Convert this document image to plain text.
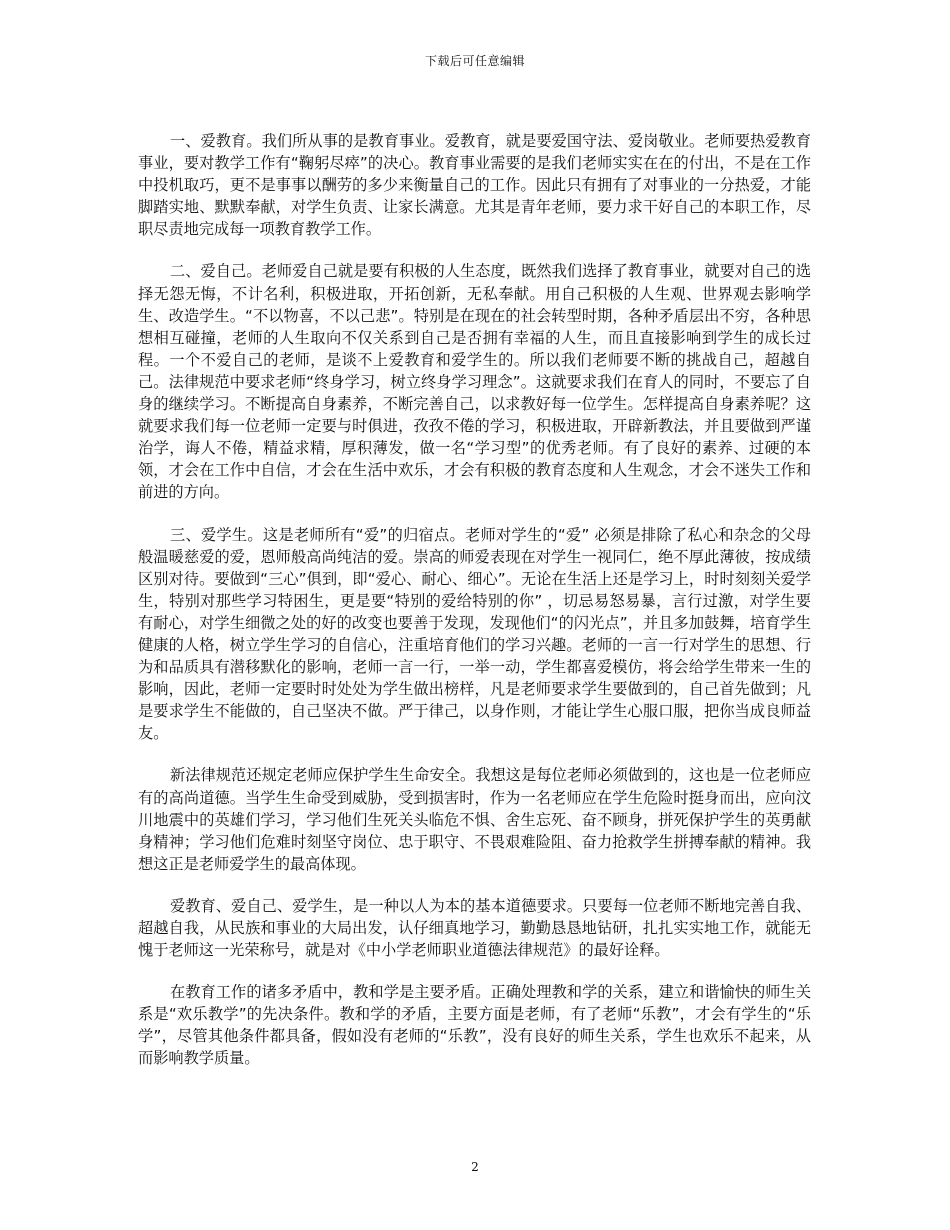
下载后可任意编辑

一、爱教育。我们所从事的是教育事业。爱教育，就是要爱国守法、爱岗敬业。老师要热爱教育事业，要对教学工作有“鞠躬尽瘁”的决心。教育事业需要的是我们老师实实在在的付出，不是在工作中投机取巧，更不是事事以酬劳的多少来衡量自己的工作。因此只有拥有了对事业的一分热爱，才能脚踏实地、默默奉献，对学生负责、让家长满意。尤其是青年老师，要力求干好自己的本职工作，尽职尽责地完成每一项教育教学工作。

二、爱自己。老师爱自己就是要有积极的人生态度，既然我们选择了教育事业，就要对自己的选择无怨无悔，不计名利，积极进取，开拓创新，无私奉献。用自己积极的人生观、世界观去影响学生、改造学生。“不以物喜，不以己悲”。特别是在现在的社会转型时期，各种矛盾层出不穷，各种思想相互碰撞，老师的人生取向不仅关系到自己是否拥有幸福的人生，而且直接影响到学生的成长过程。一个不爱自己的老师，是谈不上爱教育和爱学生的。所以我们老师要不断的挑战自己，超越自己。法律规范中要求老师“终身学习，树立终身学习理念”。这就要求我们在育人的同时，不要忘了自身的继续学习。不断提高自身素养，不断完善自己，以求教好每一位学生。怎样提高自身素养呢？这就要求我们每一位老师一定要与时俱进，孜孜不倦的学习，积极进取，开辟新教法，并且要做到严谨治学，诲人不倦，精益求精，厚积薄发，做一名“学习型”的优秀老师。有了良好的素养、过硬的本领，才会在工作中自信，才会在生活中欢乐，才会有积极的教育态度和人生观念，才会不迷失工作和前进的方向。

三、爱学生。这是老师所有“爱”的归宿点。老师对学生的“爱” 必须是排除了私心和杂念的父母般温暖慈爱的爱，恩师般高尚纯洁的爱。崇高的师爱表现在对学生一视同仁，绝不厚此薄彼，按成绩区别对待。要做到“三心”俱到，即“爱心、耐心、细心”。无论在生活上还是学习上，时时刻刻关爱学生，特别对那些学习特困生，更是要“特别的爱给特别的你” ，切忌易怒易暴，言行过激，对学生要有耐心，对学生细微之处的好的改变也要善于发现，发现他们“的闪光点”，并且多加鼓舞，培育学生健康的人格，树立学生学习的自信心，注重培育他们的学习兴趣。老师的一言一行对学生的思想、行为和品质具有潜移默化的影响，老师一言一行，一举一动，学生都喜爱模仿，将会给学生带来一生的影响，因此，老师一定要时时处处为学生做出榜样，凡是老师要求学生要做到的，自己首先做到；凡是要求学生不能做的，自己坚决不做。严于律己，以身作则，才能让学生心服口服，把你当成良师益友。

新法律规范还规定老师应保护学生生命安全。我想这是每位老师必须做到的，这也是一位老师应有的高尚道德。当学生生命受到威胁，受到损害时，作为一名老师应在学生危险时挺身而出，应向汶川地震中的英雄们学习，学习他们生死关头临危不惧、舍生忘死、奋不顾身，拼死保护学生的英勇献身精神；学习他们危难时刻坚守岗位、忠于职守、不畏艰难险阻、奋力抢救学生拼搏奉献的精神。我想这正是老师爱学生的最高体现。

爱教育、爱自己、爱学生，是一种以人为本的基本道德要求。只要每一位老师不断地完善自我、超越自我，从民族和事业的大局出发，认仔细真地学习，勤勤恳恳地钻研，扎扎实实地工作，就能无愧于老师这一光荣称号，就是对《中小学老师职业道德法律规范》的最好诠释。

在教育工作的诸多矛盾中，教和学是主要矛盾。正确处理教和学的关系，建立和谐愉快的师生关系是“欢乐教学”的先决条件。教和学的矛盾，主要方面是老师，有了老师“乐教”，才会有学生的“乐学”，尽管其他条件都具备，假如没有老师的“乐教”，没有良好的师生关系，学生也欢乐不起来，从而影响教学质量。

2
